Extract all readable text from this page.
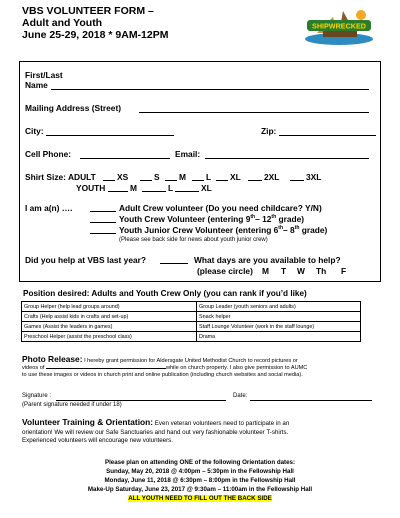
VBS VOLUNTEER FORM –
Adult and Youth
June 25-29, 2018 * 9AM-12PM
SHIPWRECKED
First/Last
Name
Mailing Address (Street)
City:	Zip:
Cell Phone:	Email:
Shirt Size: ADULT	XS	S M L XL	2XL	3XL
YOUTH	M	L	XL
I am a(n) ….	Adult Crew volunteer (Do you need childcare? Y/N)
Youth Crew Volunteer (entering 9th– 12th grade)
Youth Junior Crew Volunteer (entering 6th– 8th grade)
(Please see back side for news about youth junior crew)
Did you help at VBS last year?	What days are you available to help?
(please circle) M T W Th F
Position desired: Adults and Youth Crew Only (you can rank if you’d like)
Group Helper (help lead groups around)	Group Leader (youth seniors and adults)
Crafts (Help assist kids in crafts and set-up)	Snack helper
Games (Assist the leaders in games)	Staff Lounge Volunteer (work in the staff lounge)
Preschool Helper (assist the preschool class)	Drama
Photo Release: I hereby grant permission for Aldersgate United Methodist Church to record pictures or
videos of	while on church property. I also give permission to AUMC
to use these images or videos in church print and online publication (including church websites and social media).
Signature :	Date:
(Parent signature needed if under 18)
Volunteer Training & Orientation: Even veteran volunteers need to participate in an
orientation! We will review our Safe Sanctuaries and hand out very fashionable volunteer T-shirts.
Experienced volunteers will encourage new volunteers.
Please plan on attending ONE of the following Orientation dates:
Sunday, May 20, 2018 @ 4:00pm – 5:30pm in the Fellowship Hall
Monday, June 11, 2018 @ 6:30pm – 8:00pm in the Fellowship Hall
Make-Up Saturday, June 23, 2017 @ 9:30am – 11:00am in the Fellowship Hall
ALL YOUTH NEED TO FILL OUT THE BACK SIDE
